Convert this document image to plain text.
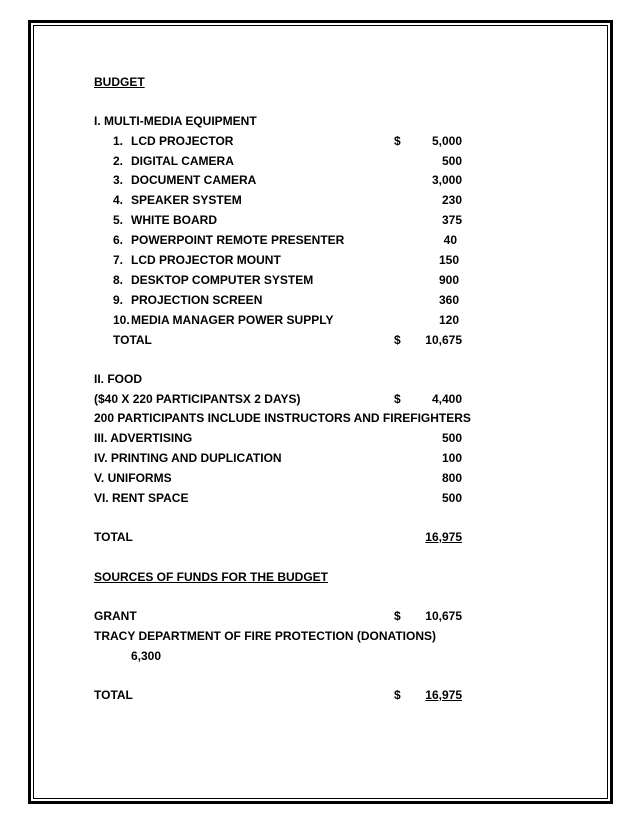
BUDGET
I. MULTI-MEDIA EQUIPMENT
1. LCD PROJECTOR	$	5,000
2. DIGITAL CAMERA	500
3. DOCUMENT CAMERA	3,000
4. SPEAKER SYSTEM	230
5. WHITE BOARD	375
6. POWERPOINT REMOTE PRESENTER	40
7. LCD PROJECTOR MOUNT	150
8. DESKTOP COMPUTER SYSTEM	900
9. PROJECTION SCREEN	360
10. MEDIA MANAGER POWER SUPPLY	120
TOTAL	$	10,675
II. FOOD
($40 X 220 PARTICIPANTSX 2 DAYS)	$	4,400
200 PARTICIPANTS INCLUDE INSTRUCTORS AND FIREFIGHTERS
III. ADVERTISING	500
IV. PRINTING AND DUPLICATION	100
V. UNIFORMS	800
VI. RENT SPACE	500
TOTAL	16,975
SOURCES OF FUNDS FOR THE BUDGET
GRANT	$	10,675
TRACY DEPARTMENT OF FIRE PROTECTION (DONATIONS)
6,300
TOTAL	$	16,975
